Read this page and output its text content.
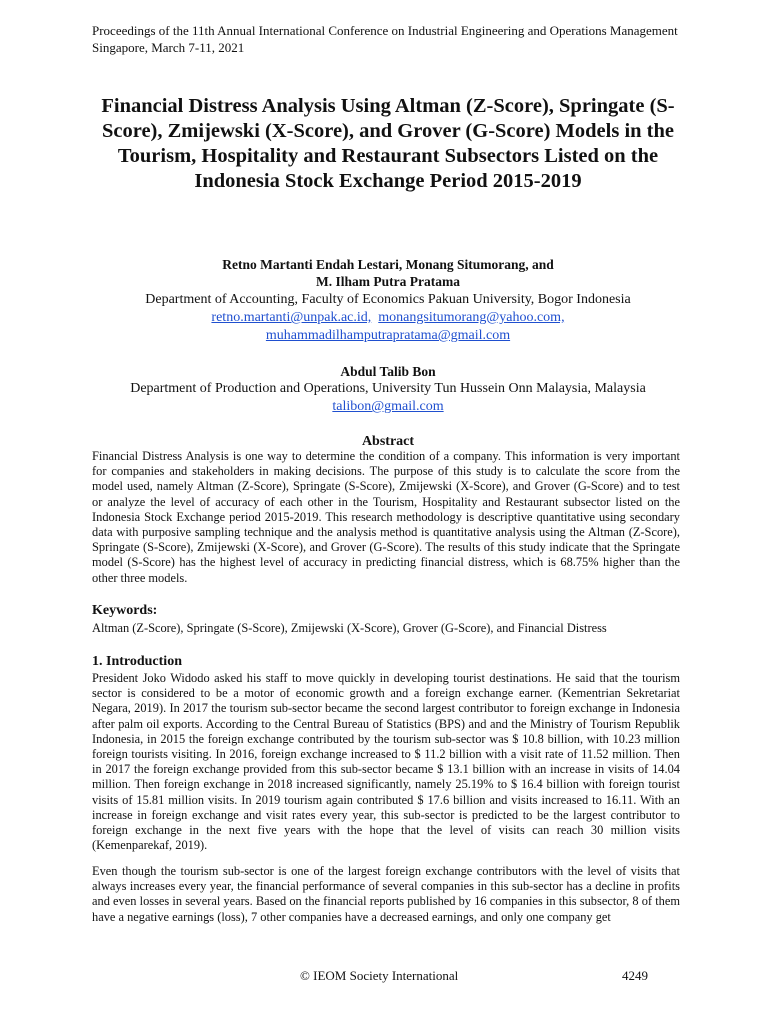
Proceedings of the 11th Annual International Conference on Industrial Engineering and Operations Management
Singapore, March 7-11, 2021
Financial Distress Analysis Using Altman (Z-Score), Springate (S-Score), Zmijewski (X-Score), and Grover (G-Score) Models in the Tourism, Hospitality and Restaurant Subsectors Listed on the Indonesia Stock Exchange Period 2015-2019
Retno Martanti Endah Lestari, Monang Situmorang, and
M. Ilham Putra Pratama
Department of Accounting, Faculty of Economics Pakuan University, Bogor Indonesia
retno.martanti@unpak.ac.id, monangsitumorang@yahoo.com,
muhammadilhamputrapratama@gmail.com
Abdul Talib Bon
Department of Production and Operations, University Tun Hussein Onn Malaysia, Malaysia
talibon@gmail.com
Abstract
Financial Distress Analysis is one way to determine the condition of a company. This information is very important for companies and stakeholders in making decisions. The purpose of this study is to calculate the score from the model used, namely Altman (Z-Score), Springate (S-Score), Zmijewski (X-Score), and Grover (G-Score) and to test or analyze the level of accuracy of each other in the Tourism, Hospitality and Restaurant subsector listed on the Indonesia Stock Exchange period 2015-2019. This research methodology is descriptive quantitative using secondary data with purposive sampling technique and the analysis method is quantitative analysis using the Altman (Z-Score), Springate (S-Score), Zmijewski (X-Score), and Grover (G-Score). The results of this study indicate that the Springate model (S-Score) has the highest level of accuracy in predicting financial distress, which is 68.75% higher than the other three models.
Keywords:
Altman (Z-Score), Springate (S-Score), Zmijewski (X-Score), Grover (G-Score), and Financial Distress
1. Introduction
President Joko Widodo asked his staff to move quickly in developing tourist destinations. He said that the tourism sector is considered to be a motor of economic growth and a foreign exchange earner. (Kementrian Sekretariat Negara, 2019). In 2017 the tourism sub-sector became the second largest contributor to foreign exchange in Indonesia after palm oil exports. According to the Central Bureau of Statistics (BPS) and and the Ministry of Tourism Republik Indonesia, in 2015 the foreign exchange contributed by the tourism sub-sector was $ 10.8 billion, with 10.23 million foreign tourists visiting. In 2016, foreign exchange increased to $ 11.2 billion with a visit rate of 11.52 million. Then in 2017 the foreign exchange provided from this sub-sector became $ 13.1 billion with an increase in visits of 14.04 million. Then foreign exchange in 2018 increased significantly, namely 25.19% to $ 16.4 billion with foreign tourist visits of 15.81 million visits. In 2019 tourism again contributed $ 17.6 billion and visits increased to 16.11. With an increase in foreign exchange and visit rates every year, this sub-sector is predicted to be the largest contributor to foreign exchange in the next five years with the hope that the level of visits can reach 30 million visits (Kemenparekaf, 2019).
Even though the tourism sub-sector is one of the largest foreign exchange contributors with the level of visits that always increases every year, the financial performance of several companies in this sub-sector has a decline in profits and even losses in several years. Based on the financial reports published by 16 companies in this subsector, 8 of them have a negative earnings (loss), 7 other companies have a decreased earnings, and only one company get
© IEOM Society International	4249
